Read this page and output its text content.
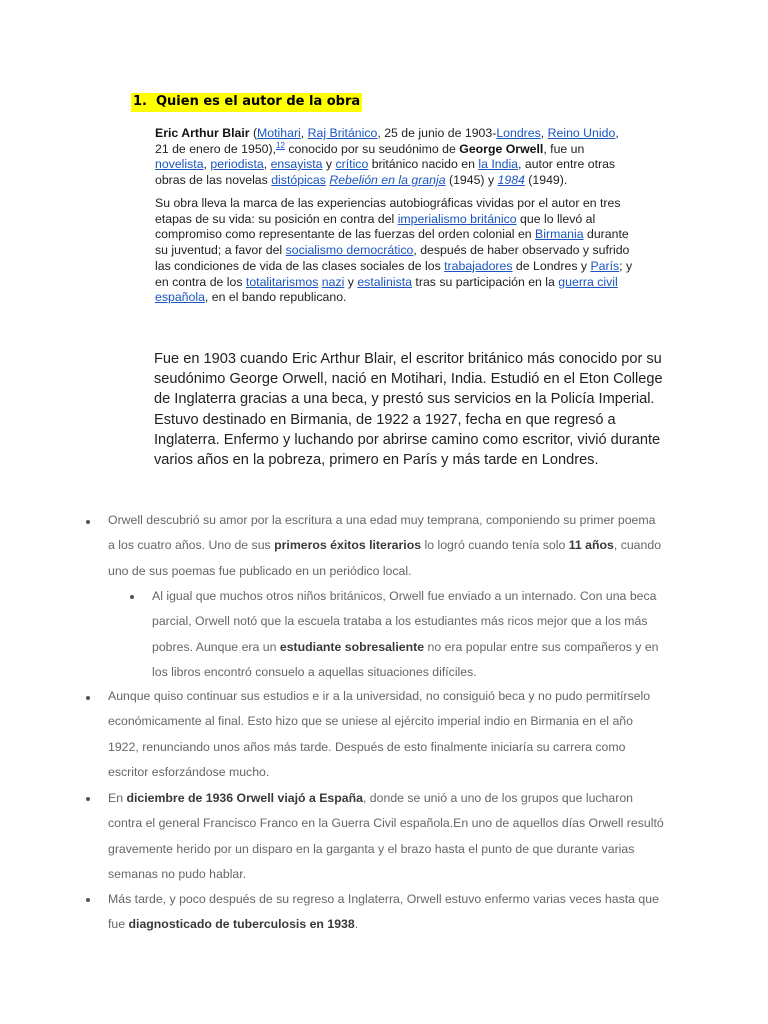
1. Quien es el autor de la obra
Eric Arthur Blair (Motihari, Raj Británico, 25 de junio de 1903-Londres, Reino Unido, 21 de enero de 1950),$^{12}$ conocido por su seudónimo de George Orwell, fue un novelista, periodista, ensayista y crítico británico nacido en la India, autor entre otras obras de las novelas distópicas Rebelión en la granja (1945) y 1984 (1949).
Su obra lleva la marca de las experiencias autobiográficas vividas por el autor en tres etapas de su vida: su posición en contra del imperialismo británico que lo llevó al compromiso como representante de las fuerzas del orden colonial en Birmania durante su juventud; a favor del socialismo democrático, después de haber observado y sufrido las condiciones de vida de las clases sociales de los trabajadores de Londres y París; y en contra de los totalitarismos nazi y estalinista tras su participación en la guerra civil española, en el bando republicano.
Fue en 1903 cuando Eric Arthur Blair, el escritor británico más conocido por su seudónimo George Orwell, nació en Motihari, India. Estudió en el Eton College de Inglaterra gracias a una beca, y prestó sus servicios en la Policía Imperial. Estuvo destinado en Birmania, de 1922 a 1927, fecha en que regresó a Inglaterra. Enfermo y luchando por abrirse camino como escritor, vivió durante varios años en la pobreza, primero en París y más tarde en Londres.
Orwell descubrió su amor por la escritura a una edad muy temprana, componiendo su primer poema a los cuatro años. Uno de sus primeros éxitos literarios lo logró cuando tenía solo 11 años, cuando uno de sus poemas fue publicado en un periódico local.
Al igual que muchos otros niños británicos, Orwell fue enviado a un internado. Con una beca parcial, Orwell notó que la escuela trataba a los estudiantes más ricos mejor que a los más pobres. Aunque era un estudiante sobresaliente no era popular entre sus compañeros y en los libros encontró consuelo a aquellas situaciones difíciles.
Aunque quiso continuar sus estudios e ir a la universidad, no consiguió beca y no pudo permitírselo económicamente al final. Esto hizo que se uniese al ejército imperial indio en Birmania en el año 1922, renunciando unos años más tarde. Después de esto finalmente iniciaría su carrera como escritor esforzándose mucho.
En diciembre de 1936 Orwell viajó a España, donde se unió a uno de los grupos que lucharon contra el general Francisco Franco en la Guerra Civil española.En uno de aquellos días Orwell resultó gravemente herido por un disparo en la garganta y el brazo hasta el punto de que durante varias semanas no pudo hablar.
Más tarde, y poco después de su regreso a Inglaterra, Orwell estuvo enfermo varias veces hasta que fue diagnosticado de tuberculosis en 1938.
